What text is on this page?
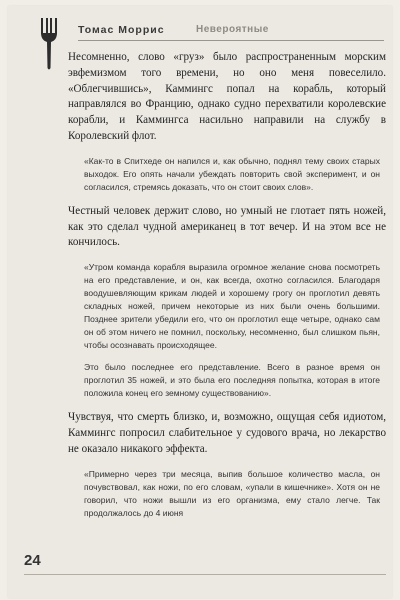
Томас Моррис	Невероятные

Несомненно, слово «груз» было распространенным морским эвфемизмом того времени, но оно меня повеселило. «Облегчившись», Каммингс попал на корабль, который направлялся во Францию, однако судно перехватили королевские корабли, и Каммингса насильно направили на службу в Королевский флот.

«Как-то в Спитхеде он напился и, как обычно, поднял тему своих старых выходок. Его опять начали убеждать повторить свой эксперимент, и он согласился, стремясь доказать, что он стоит своих слов».

Честный человек держит слово, но умный не глотает пять ножей, как это сделал чудной американец в тот вечер. И на этом все не кончилось.

«Утром команда корабля выразила огромное желание снова посмотреть на его представление, и он, как всегда, охотно согласился. Благодаря воодушевляющим крикам людей и хорошему грогу он проглотил девять складных ножей, причем некоторые из них были очень большими. Позднее зрители убедили его, что он проглотил еще четыре, однако сам он об этом ничего не помнил, поскольку, несомненно, был слишком пьян, чтобы осознавать происходящее.

Это было последнее его представление. Всего в разное время он проглотил 35 ножей, и это была его последняя попытка, которая в итоге положила конец его земному существованию».

Чувствуя, что смерть близко, и, возможно, ощущая себя идиотом, Каммингс попросил слабительное у судового врача, но лекарство не оказало никакого эффекта.

«Примерно через три месяца, выпив большое количество масла, он почувствовал, как ножи, по его словам, «упали в кишечнике». Хотя он не говорил, что ножи вышли из его организма, ему стало легче. Так продолжалось до 4 июня

24
